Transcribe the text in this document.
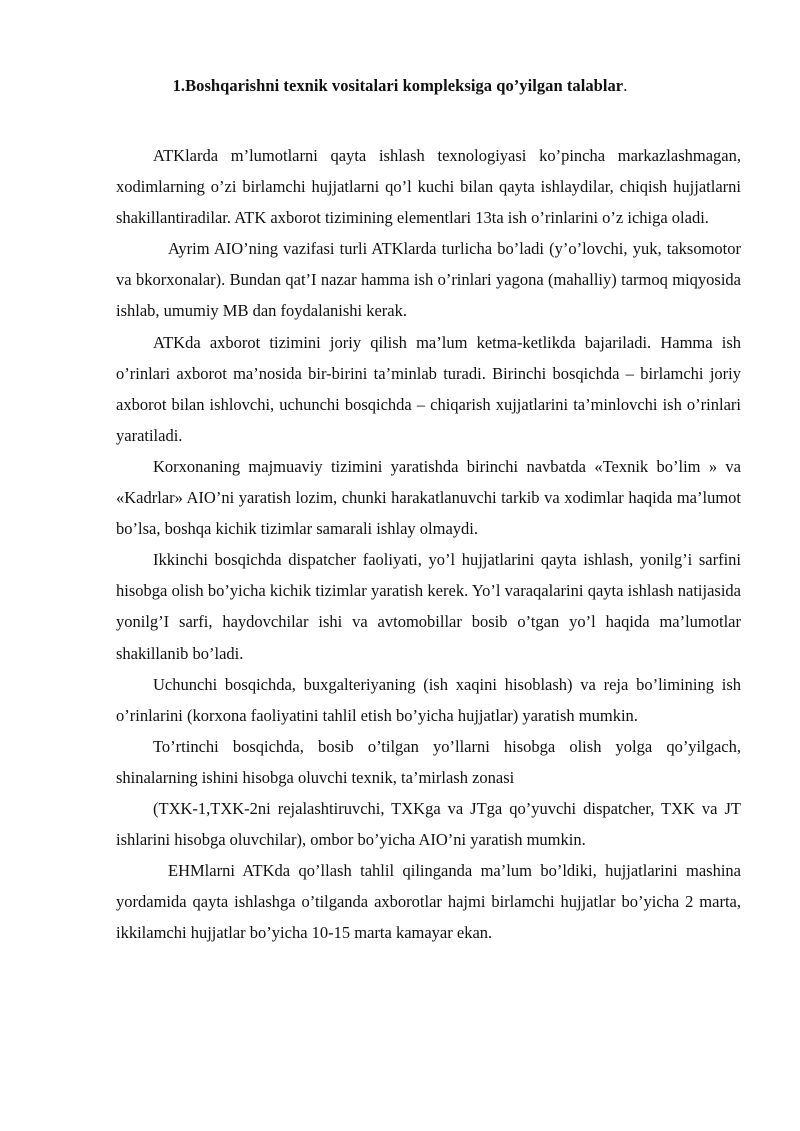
1.Boshqarishni texnik vositalari kompleksiga qo’yilgan talablar.

ATKlarda m’lumotlarni qayta ishlash texnologiyasi ko’pincha markazlashmagan, xodimlarning o’zi birlamchi hujjatlarni qo’l kuchi bilan qayta ishlaydilar, chiqish hujjatlarni shakillantiradilar. ATK axborot tizimining elementlari 13ta ish o’rinlarini o’z ichiga oladi.

Ayrim AIO’ning vazifasi turli ATKlarda turlicha bo’ladi (y’o’lovchi, yuk, taksomotor va bkorxonalar). Bundan qat’I nazar hamma ish o’rinlari yagona (mahalliy) tarmoq miqyosida ishlab, umumiy MB dan foydalanishi kerak.

ATKda axborot tizimini joriy qilish ma’lum ketma-ketlikda bajariladi. Hamma ish o’rinlari axborot ma’nosida bir-birini ta’minlab turadi. Birinchi bosqichda – birlamchi joriy axborot bilan ishlovchi, uchunchi bosqichda – chiqarish xujjatlarini ta’minlovchi ish o’rinlari yaratiladi.

Korxonaning majmuaviy tizimini yaratishda birinchi navbatda «Texnik bo’lim » va «Kadrlar» AIO’ni yaratish lozim, chunki harakatlanuvchi tarkib va xodimlar haqida ma’lumot bo’lsa, boshqa kichik tizimlar samarali ishlay olmaydi.

Ikkinchi bosqichda dispatcher faoliyati, yo’l hujjatlarini qayta ishlash, yonilg’i sarfini hisobga olish bo’yicha kichik tizimlar yaratish kerek. Yo’l varaqalarini qayta ishlash natijasida yonilg’I sarfi, haydovchilar ishi va avtomobillar bosib o’tgan yo’l haqida ma’lumotlar shakillanib bo’ladi.

Uchunchi bosqichda, buxgalteriyaning (ish xaqini hisoblash) va reja bo’limining ish o’rinlarini (korxona faoliyatini tahlil etish bo’yicha hujjatlar) yaratish mumkin.

To’rtinchi bosqichda, bosib o’tilgan yo’llarni hisobga olish yolga qo’yilgach, shinalarning ishini hisobga oluvchi texnik, ta’mirlash zonasi

(TXK-1,TXK-2ni rejalashtiruvchi, TXKga va JTga qo’yuvchi dispatcher, TXK va JT ishlarini hisobga oluvchilar), ombor bo’yicha AIO’ni yaratish mumkin.

EHMlarni ATKda qo’llash tahlil qilinganda ma’lum bo’ldiki, hujjatlarini mashina yordamida qayta ishlashga o’tilganda axborotlar hajmi birlamchi hujjatlar bo’yicha 2 marta, ikkilamchi hujjatlar bo’yicha 10-15 marta kamayar ekan.
